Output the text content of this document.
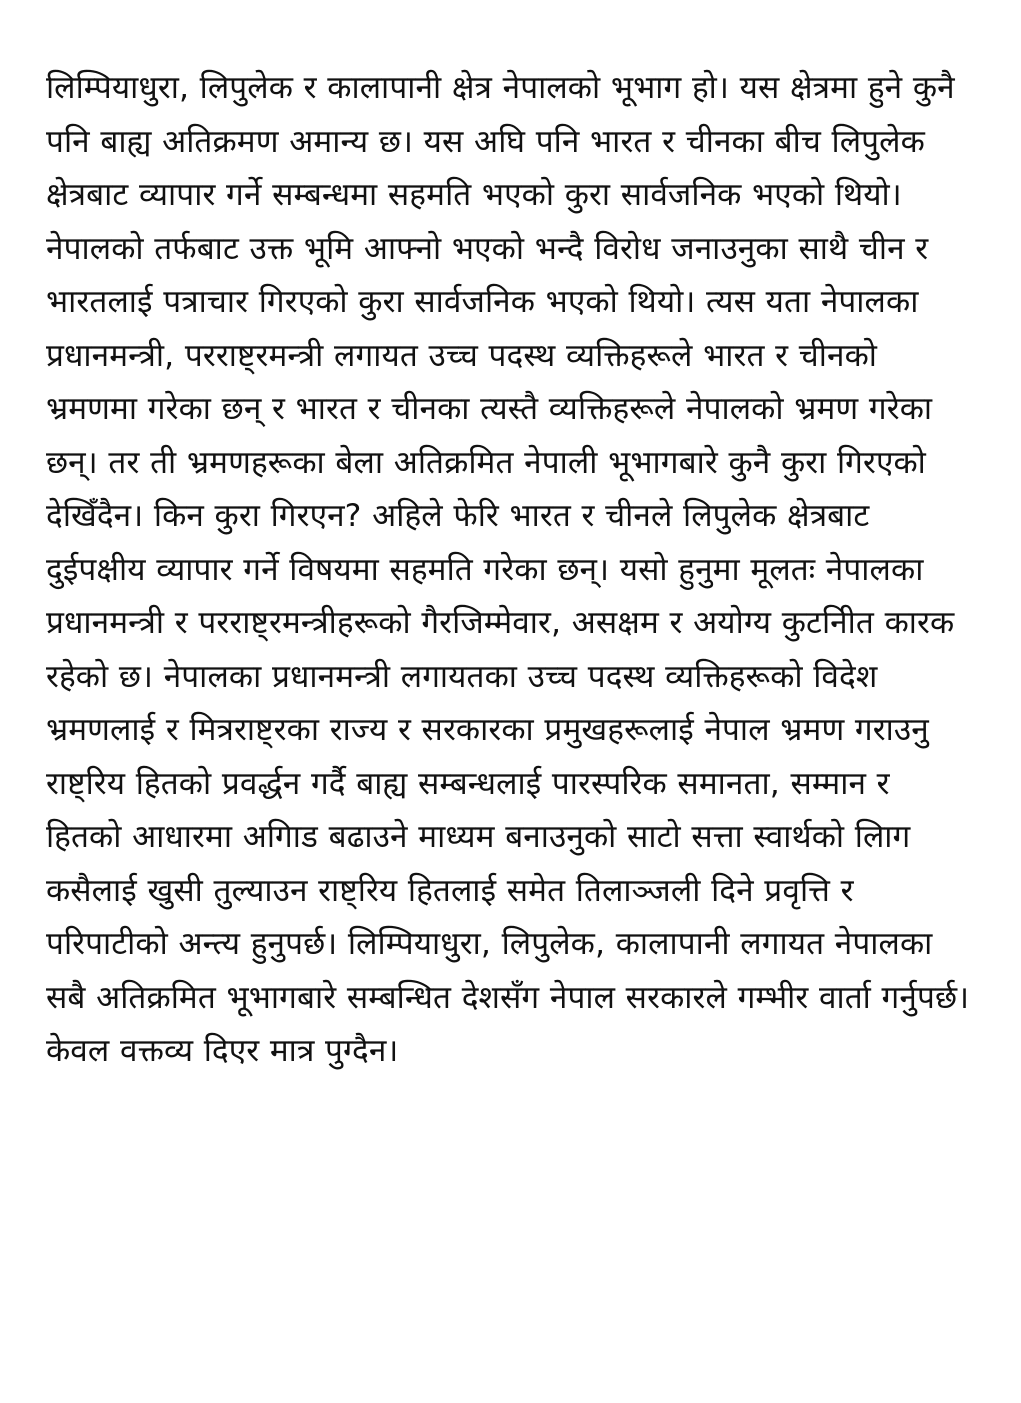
लिम्पियाधुरा, लिपुलेक र कालापानी क्षेत्र नेपालको भूभाग हो। यस क्षेत्रमा हुने कुनै पनि बाह्य अतिक्रमण अमान्य छ। यस अघि पनि भारत र चीनका बीच लिपुलेक क्षेत्रबाट व्यापार गर्ने सम्बन्धमा सहमति भएको कुरा सार्वजनिक भएको थियो। नेपालको तर्फबाट उक्त भूमि आफ्नो भएको भन्दै विरोध जनाउनुका साथै चीन र भारतलाई पत्राचार गिरएको कुरा सार्वजनिक भएको थियो। त्यस यता नेपालका प्रधानमन्त्री, परराष्ट्रमन्त्री लगायत उच्च पदस्थ व्यक्तिहरूले भारत र चीनको भ्रमणमा गरेका छन् र भारत र चीनका त्यस्तै व्यक्तिहरूले नेपालको भ्रमण गरेका छन्। तर ती भ्रमणहरूका बेला अतिक्रमित नेपाली भूभागबारे कुनै कुरा गिरएको देखिँदैन। किन कुरा गिरएन? अहिले फेरि भारत र चीनले लिपुलेक क्षेत्रबाट दुईपक्षीय व्यापार गर्ने विषयमा सहमति गरेका छन्। यसो हुनुमा मूलतः नेपालका प्रधानमन्त्री र परराष्ट्रमन्त्रीहरूको गैरजिम्मेवार, असक्षम र अयोग्य कुटनीित कारक रहेको छ। नेपालका प्रधानमन्त्री लगायतका उच्च पदस्थ व्यक्तिहरूको विदेश भ्रमणलाई र मित्रराष्ट्रका राज्य र सरकारका प्रमुखहरूलाई नेपाल भ्रमण गराउनु राष्ट्रिय हितको प्रवर्द्धन गर्दै बाह्य सम्बन्धलाई पारस्परिक समानता, सम्मान र हितको आधारमा अगािड बढाउने माध्यम बनाउनुको साटो सत्ता स्वार्थको लािग कसैलाई खुसी तुल्याउन राष्ट्रिय हितलाई समेत तिलाञ्जली दिने प्रवृत्ति र परिपाटीको अन्त्य हुनुपर्छ। लिम्पियाधुरा, लिपुलेक, कालापानी लगायत नेपालका सबै अतिक्रमित भूभागबारे सम्बन्धित देशसँग नेपाल सरकारले गम्भीर वार्ता गर्नुपर्छ। केवल वक्तव्य दिएर मात्र पुग्दैन।
